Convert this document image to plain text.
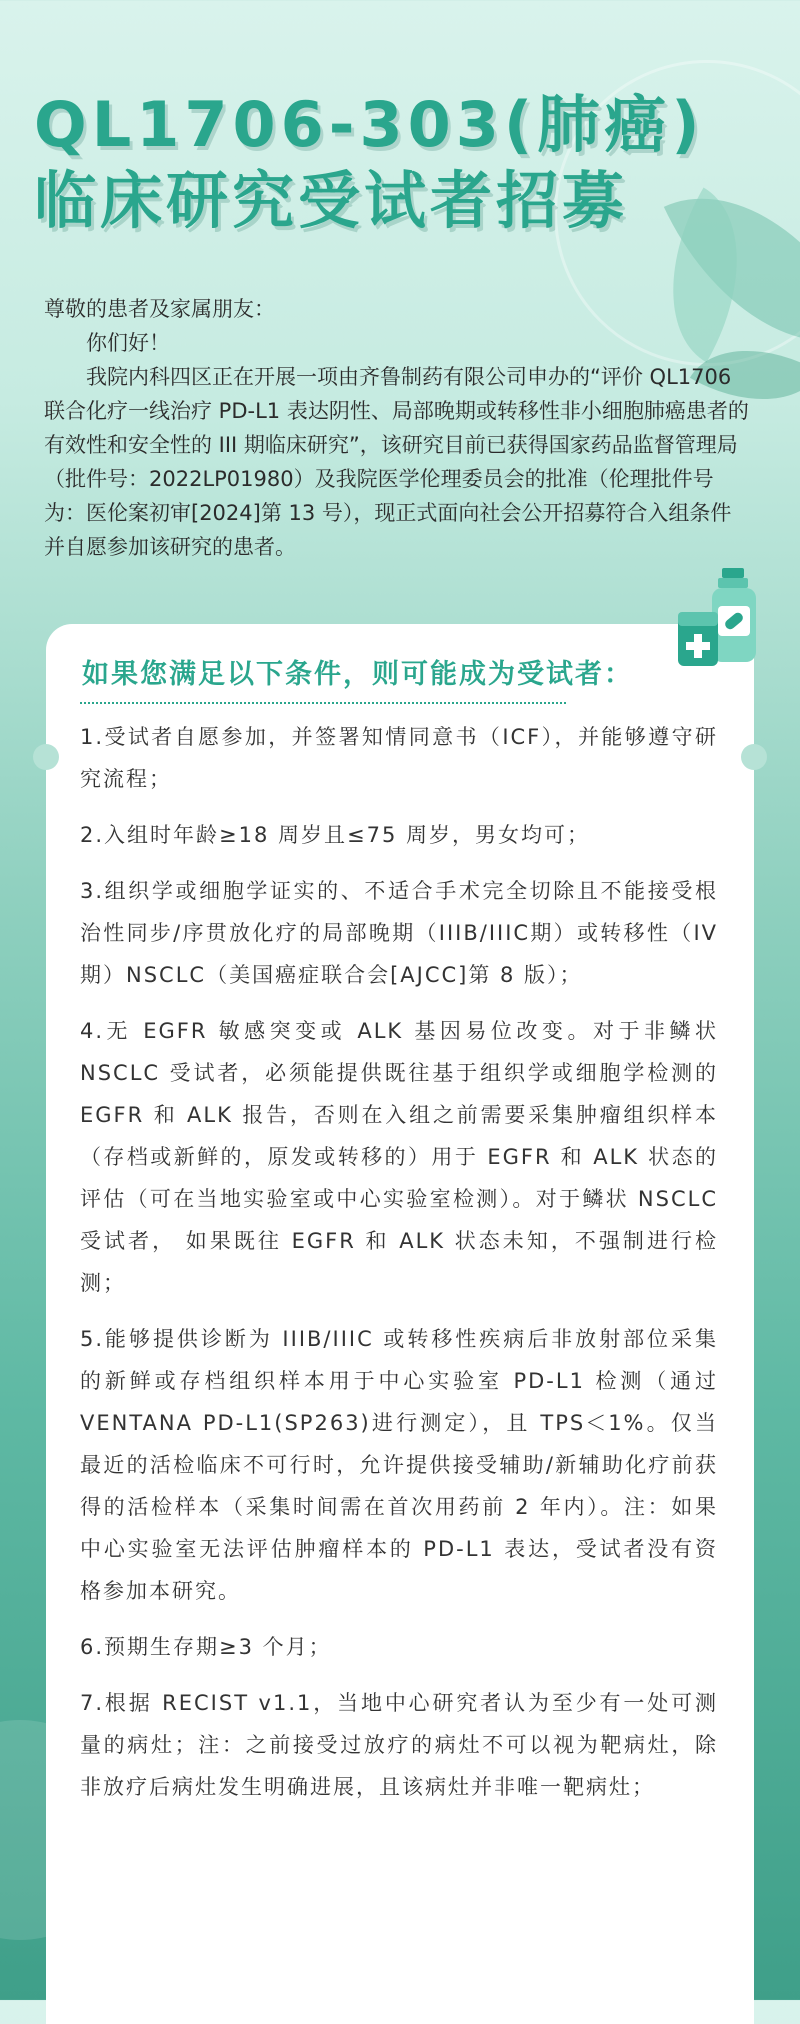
QL1706-303(肺癌)
临床研究受试者招募

尊敬的患者及家属朋友：

你们好！

我院内科四区正在开展一项由齐鲁制药有限公司申办的“评价 QL1706 联合化疗一线治疗 PD-L1 表达阴性、局部晚期或转移性非小细胞肺癌患者的有效性和安全性的 III 期临床研究”，该研究目前已获得国家药品监督管理局（批件号：2022LP01980）及我院医学伦理委员会的批准（伦理批件号为：医伦案初审[2024]第 13 号），现正式面向社会公开招募符合入组条件并自愿参加该研究的患者。

如果您满足以下条件，则可能成为受试者：

1.受试者自愿参加，并签署知情同意书（ICF），并能够遵守研究流程；

2.入组时年龄≥18 周岁且≤75 周岁，男女均可；

3.组织学或细胞学证实的、不适合手术完全切除且不能接受根治性同步/序贯放化疗的局部晚期（IIIB/IIIC期）或转移性（IV 期）NSCLC（美国癌症联合会[AJCC]第 8 版）；

4.无 EGFR 敏感突变或 ALK 基因易位改变。对于非鳞状 NSCLC 受试者，必须能提供既往基于组织学或细胞学检测的 EGFR 和 ALK 报告，否则在入组之前需要采集肿瘤组织样本（存档或新鲜的，原发或转移的）用于 EGFR 和 ALK 状态的评估（可在当地实验室或中心实验室检测）。对于鳞状 NSCLC 受试者， 如果既往 EGFR 和 ALK 状态未知，不强制进行检测；

5.能够提供诊断为 IIIB/IIIC 或转移性疾病后非放射部位采集的新鲜或存档组织样本用于中心实验室 PD-L1 检测（通过 VENTANA PD-L1(SP263)进行测定），且 TPS＜1%。仅当最近的活检临床不可行时，允许提供接受辅助/新辅助化疗前获得的活检样本（采集时间需在首次用药前 2 年内）。注：如果中心实验室无法评估肿瘤样本的 PD-L1 表达，受试者没有资格参加本研究。

6.预期生存期≥3 个月；

7.根据 RECIST v1.1，当地中心研究者认为至少有一处可测量的病灶；注：之前接受过放疗的病灶不可以视为靶病灶，除非放疗后病灶发生明确进展，且该病灶并非唯一靶病灶；
